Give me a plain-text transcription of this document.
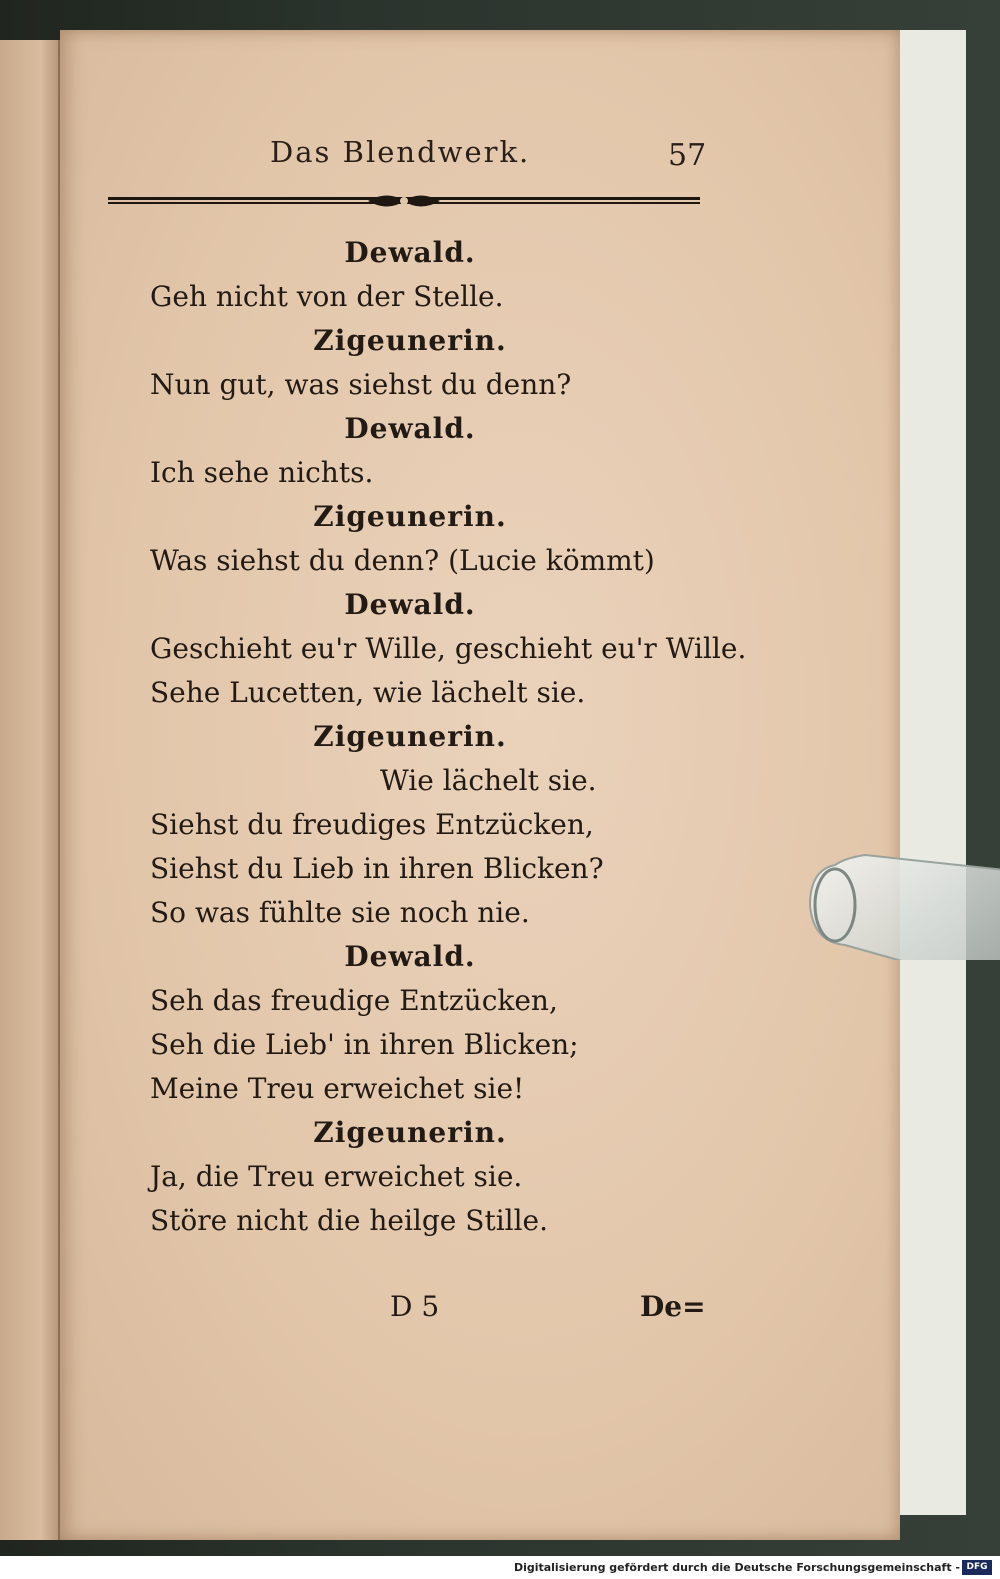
Das Blendwerk.	57
Dewald.
Geh nicht von der Stelle.
Zigeunerin.
Nun gut, was siehst du denn?
Dewald.
Ich sehe nichts.
Zigeunerin.
Was siehst du denn? (Lucie kömmt)
Dewald.
Geschieht eu'r Wille, geschieht eu'r Wille.
Sehe Lucetten, wie lächelt sie.
Zigeunerin.
Wie lächelt sie.
Siehst du freudiges Entzücken,
Siehst du Lieb in ihren Blicken?
So was fühlte sie noch nie.
Dewald.
Seh das freudige Entzücken,
Seh die Lieb' in ihren Blicken;
Meine Treu erweichet sie!
Zigeunerin.
Ja, die Treu erweichet sie.
Störe nicht die heilge Stille.
D 5	De=
Digitalisierung gefördert durch die Deutsche Forschungsgemeinschaft - DFG
